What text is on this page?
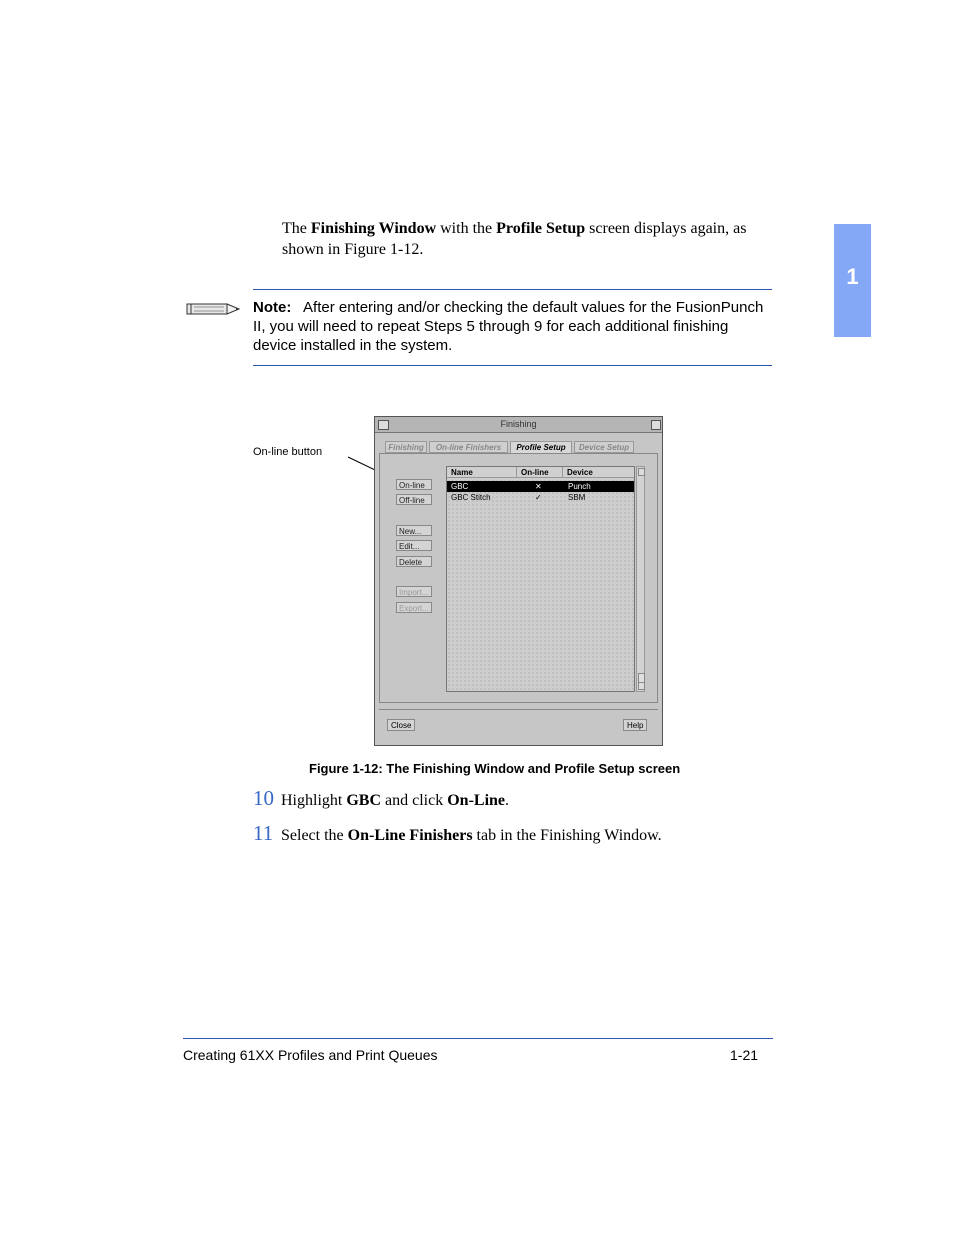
1
The Finishing Window with the Profile Setup screen displays again, as shown in Figure 1-12.
Note: After entering and/or checking the default values for the FusionPunch II, you will need to repeat Steps 5 through 9 for each additional finishing device installed in the system.
On-line button
Finishing
Finishing	On-line Finishers	Profile Setup	Device Setup
On-line
Off-line
New...
Edit...
Delete
Import...
Export...
Name	On-line	Device
GBC	✕	Punch
GBC Stitch	✓	SBM
Close	Help
Figure 1-12: The Finishing Window and Profile Setup screen
10 Highlight GBC and click On-Line.
11 Select the On-Line Finishers tab in the Finishing Window.
Creating 61XX Profiles and Print Queues	1-21
